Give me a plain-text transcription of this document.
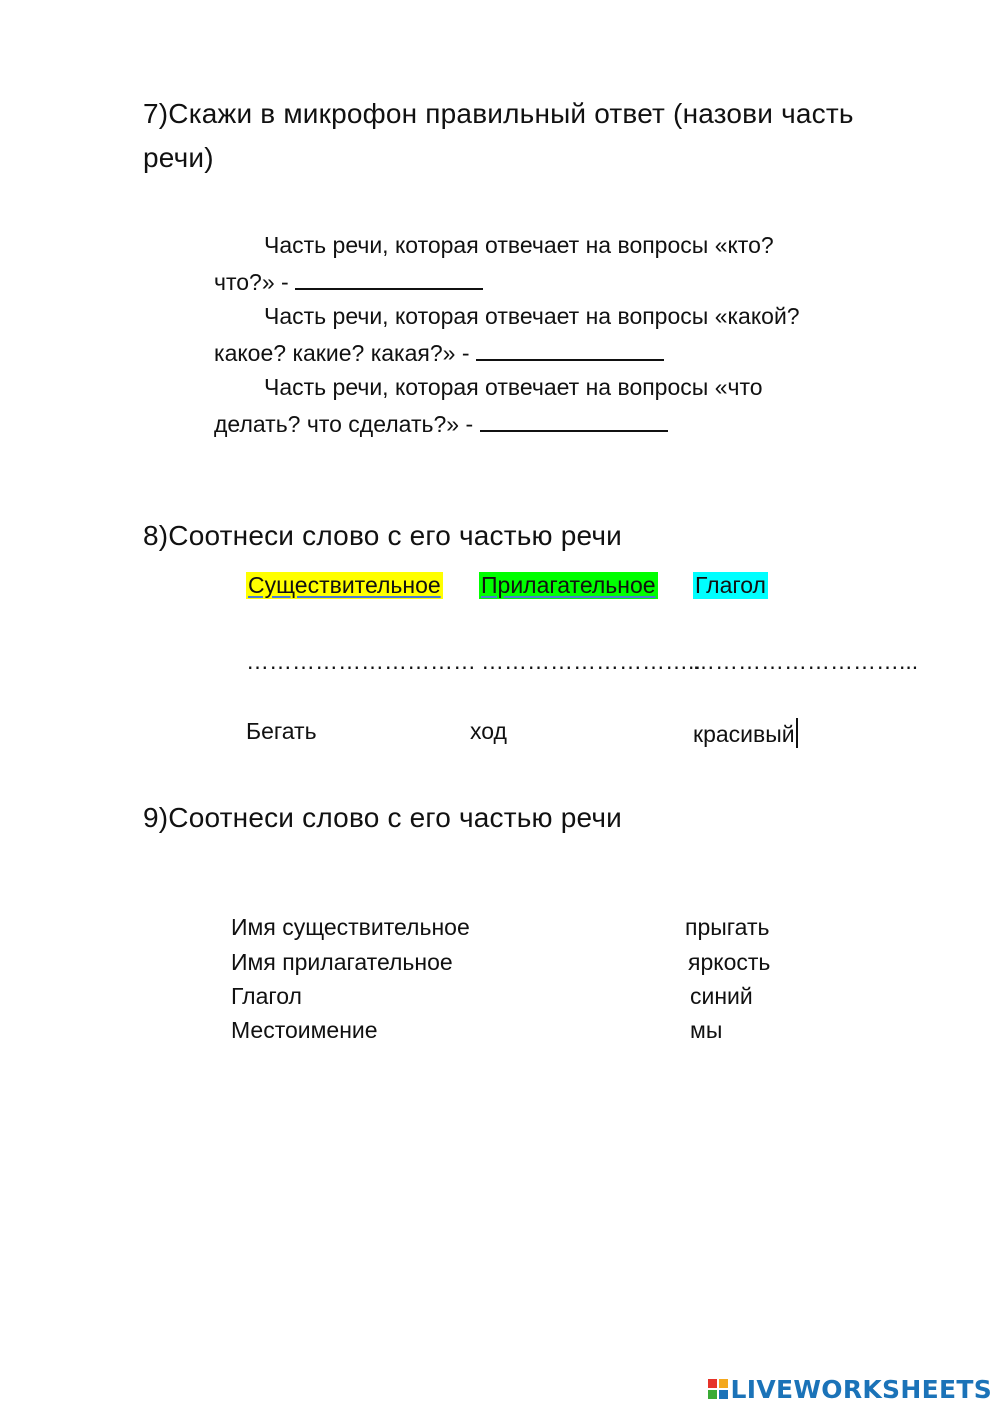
7)Скажи в микрофон правильный ответ (назови часть
речи)
Часть речи, которая отвечает на вопросы «кто?
что?» -
Часть речи, которая отвечает на вопросы «какой?
какое? какие? какая?» -
Часть речи, которая отвечает на вопросы «что
делать? что сделать?» -
8)Соотнеси слово с его частью речи
Существительное Прилагательное Глагол
………………………… ………………………..
………………………...
Бегать	ход	красивый
9)Соотнеси слово с его частью речи
Имя существительное
Имя прилагательное
Глагол
Местоимение
прыгать
яркость
синий
мы
LIVEWORKSHEETS
